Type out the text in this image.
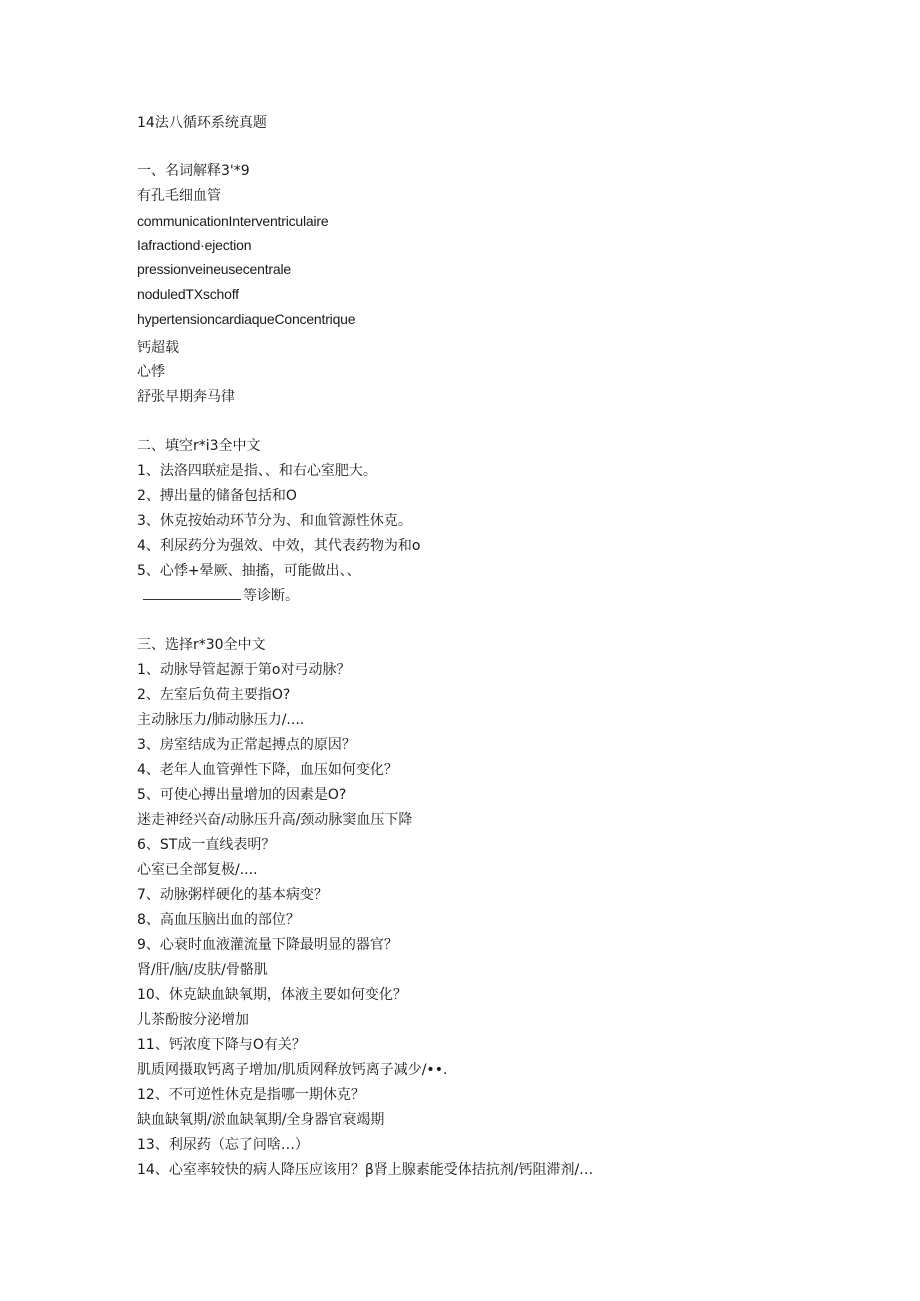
14法八循环系统真题
一、名词解释3'*9
有孔毛细血管
communicationInterventriculaire
Iafractiond·ejection
pressionveineusecentrale
noduledTXschoff
hypertensioncardiaqueConcentrique
钙超载
心悸
舒张早期奔马律
二、填空r*i3全中文
1、法洛四联症是指、、和右心室肥大。
2、搏出量的储备包括和O
3、休克按始动环节分为、和血管源性休克。
4、利尿药分为强效、中效，其代表药物为和o
5、心悸+晕厥、抽搐，可能做出、、
等诊断。
三、选择r*30全中文
1、动脉导管起源于第o对弓动脉？
2、左室后负荷主要指O?
主动脉压力/肺动脉压力/....
3、房室结成为正常起搏点的原因？
4、老年人血管弹性下降，血压如何变化？
5、可使心搏出量增加的因素是O?
迷走神经兴奋/动脉压升高/颈动脉窦血压下降
6、ST成一直线表明？
心室已全部复极/....
7、动脉粥样硬化的基本病变？
8、高血压脑出血的部位？
9、心衰时血液灌流量下降最明显的器官？
肾/肝/脑/皮肤/骨骼肌
10、休克缺血缺氧期，体液主要如何变化？
儿茶酚胺分泌增加
11、钙浓度下降与O有关？
肌质网摄取钙离子增加/肌质网释放钙离子减少/••.
12、不可逆性休克是指哪一期休克？
缺血缺氧期/淤血缺氧期/全身器官衰竭期
13、利尿药（忘了问啥…）
14、心室率较快的病人降压应该用？β肾上腺素能受体拮抗剂/钙阻滞剂/…
